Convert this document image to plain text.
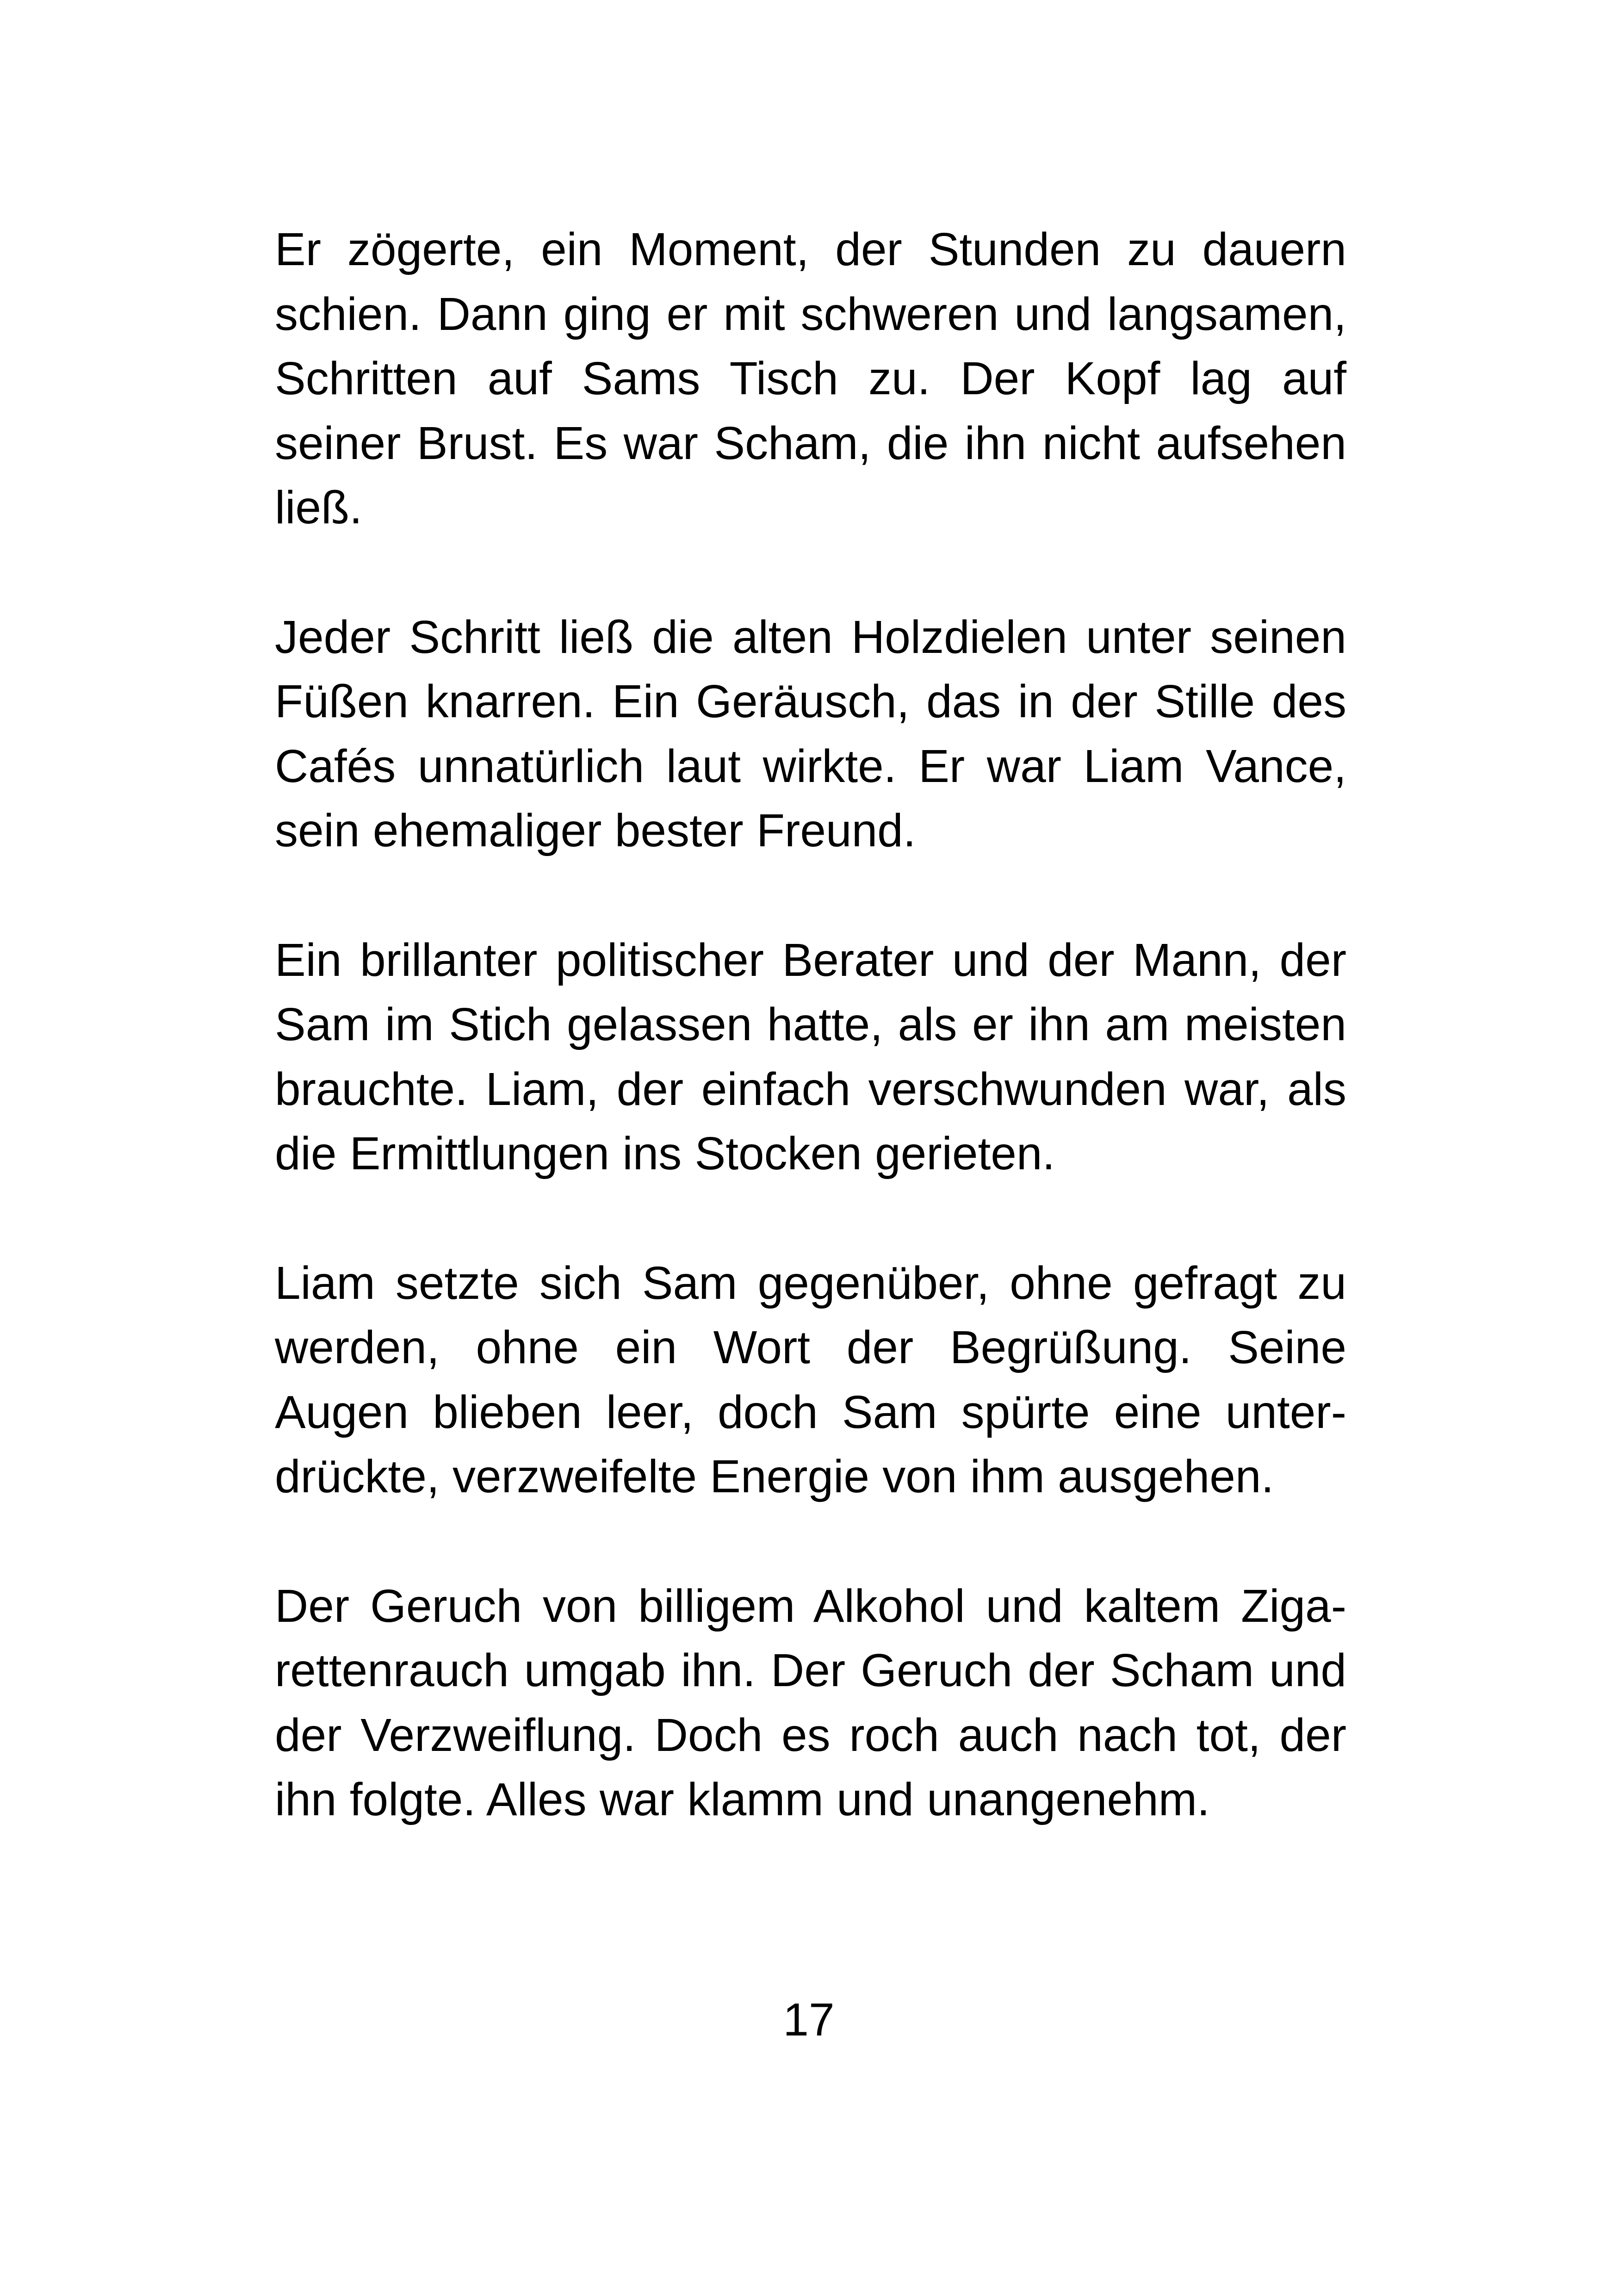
Er zögerte, ein Moment, der Stunden zu dauern schien. Dann ging er mit schweren und langsamen, Schritten auf Sams Tisch zu. Der Kopf lag auf seiner Brust. Es war Scham, die ihn nicht aufsehen ließ.

Jeder Schritt ließ die alten Holzdielen unter seinen Füßen knarren. Ein Geräusch, das in der Stille des Cafés unnatürlich laut wirkte. Er war Liam Vance, sein ehemaliger bester Freund.

Ein brillanter politischer Berater und der Mann, der Sam im Stich gelassen hatte, als er ihn am meisten brauchte. Liam, der einfach verschwunden war, als die Ermittlungen ins Stocken gerieten.

Liam setzte sich Sam gegenüber, ohne gefragt zu werden, ohne ein Wort der Begrüßung. Seine Augen blieben leer, doch Sam spürte eine unterdrückte, verzweifelte Energie von ihm ausgehen.

Der Geruch von billigem Alkohol und kaltem Zigarettenrauch umgab ihn. Der Geruch der Scham und der Verzweiflung. Doch es roch auch nach tot, der ihn folgte. Alles war klamm und unangenehm.

17
